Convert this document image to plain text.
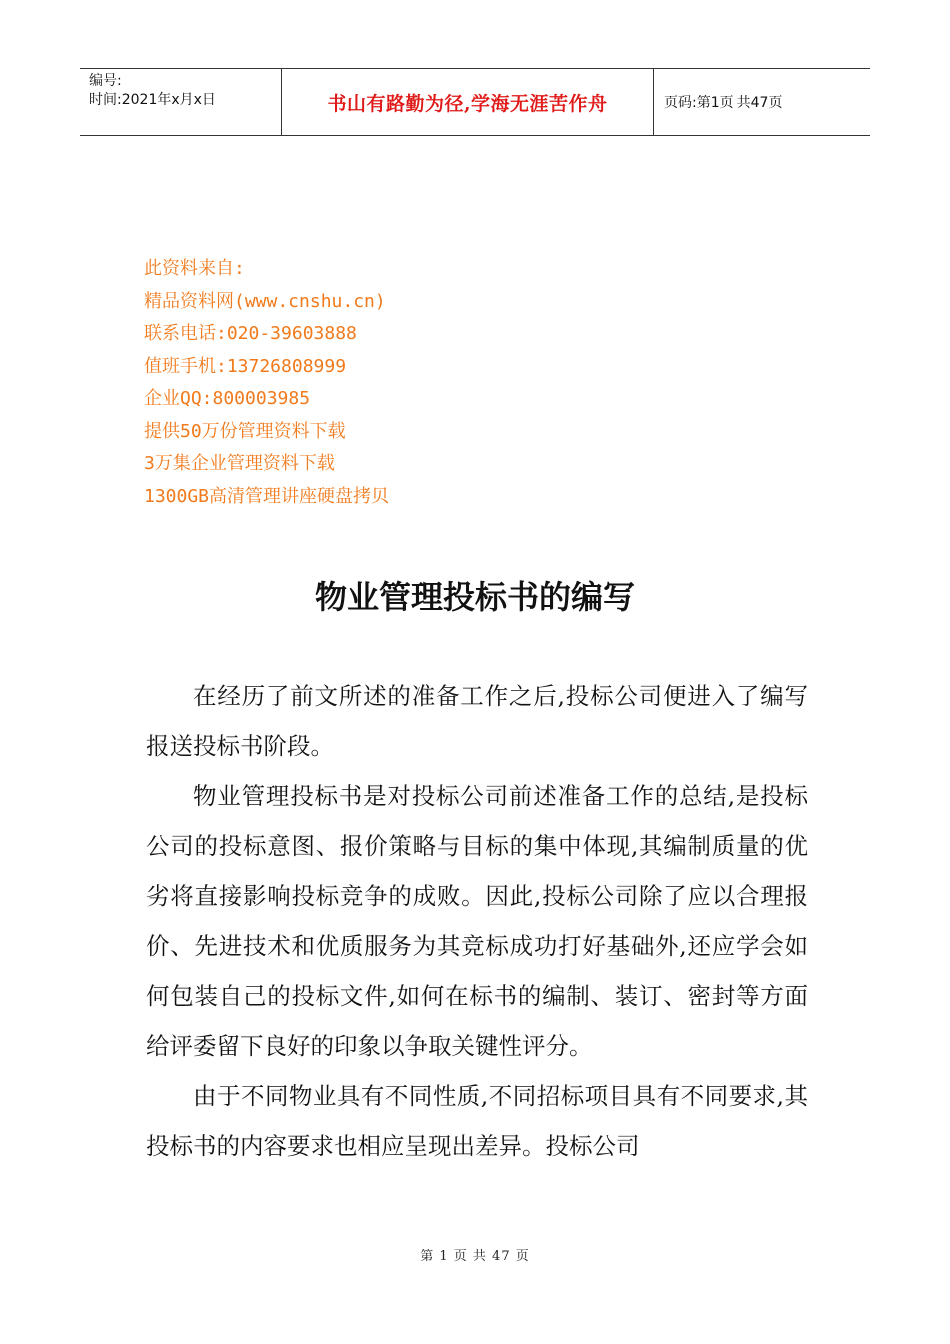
编号:
时间:2021年x月x日	书山有路勤为径,学海无涯苦作舟	页码:第1页 共47页
此资料来自:
精品资料网(www.cnshu.cn)
联系电话:020-39603888
值班手机:13726808999
企业QQ:800003985
提供50万份管理资料下载
3万集企业管理资料下载
1300GB高清管理讲座硬盘拷贝
物业管理投标书的编写

在经历了前文所述的准备工作之后,投标公司便进入了编写报送投标书阶段。

物业管理投标书是对投标公司前述准备工作的总结,是投标公司的投标意图、报价策略与目标的集中体现,其编制质量的优劣将直接影响投标竞争的成败。因此,投标公司除了应以合理报价、先进技术和优质服务为其竞标成功打好基础外,还应学会如何包装自己的投标文件,如何在标书的编制、装订、密封等方面给评委留下良好的印象以争取关键性评分。

由于不同物业具有不同性质,不同招标项目具有不同要求,其投标书的内容要求也相应呈现出差异。投标公司

第 1 页 共 47 页
